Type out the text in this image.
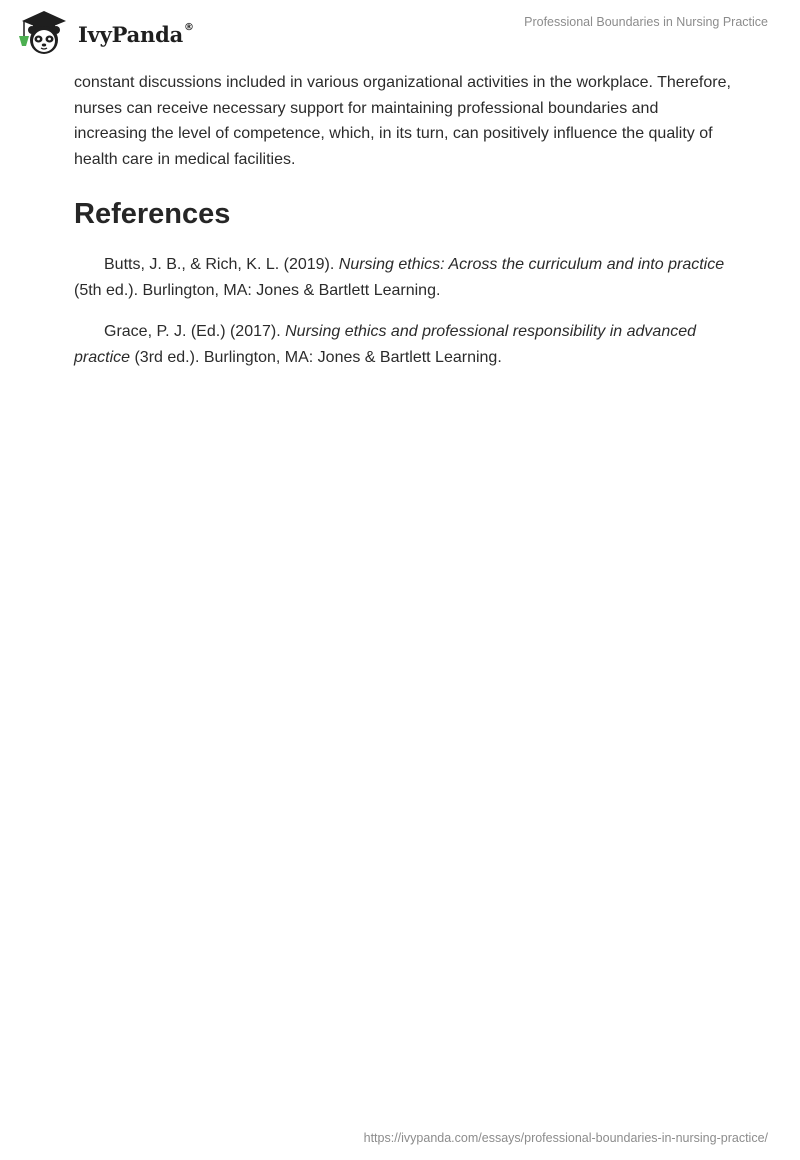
IvyPanda®	Professional Boundaries in Nursing Practice

constant discussions included in various organizational activities in the workplace. Therefore, nurses can receive necessary support for maintaining professional boundaries and increasing the level of competence, which, in its turn, can positively influence the quality of health care in medical facilities.

References

Butts, J. B., & Rich, K. L. (2019). Nursing ethics: Across the curriculum and into practice (5th ed.). Burlington, MA: Jones & Bartlett Learning.

Grace, P. J. (Ed.) (2017). Nursing ethics and professional responsibility in advanced practice (3rd ed.). Burlington, MA: Jones & Bartlett Learning.

https://ivypanda.com/essays/professional-boundaries-in-nursing-practice/
